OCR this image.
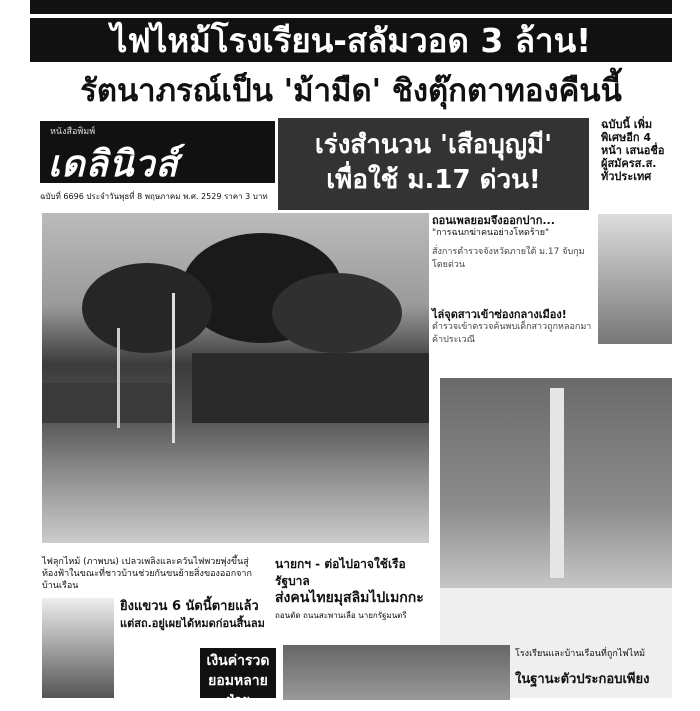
ไฟไหม้โรงเรียน-สลัมวอด 3 ล้าน!
รัตนาภรณ์เป็น 'ม้ามืด' ชิงตุ๊กตาทองคืนนี้
หนังสือพิมพ์
เดลินิวส์
ฉบับที่ 6696 ประจำวันพุธที่ 8 พฤษภาคม พ.ศ. 2529 ราคา 3 บาท
เร่งสำนวน 'เสือบุญมี'
เพื่อใช้ ม.17 ด่วน!
ฉบับนี้ เพิ่มพิเศษอีก 4 หน้า เสนอชื่อ ผู้สมัครส.ส. ทั่วประเทศ
ถอนเพลยอมจึงออกปาก...
"การฉนกฆ่าคนอย่างโหดร้าย"
สั่งการตำรวจจังหวัดภายใต้ ม.17 จับกุมโดยด่วน
ไล่จุดสาวเข้าซ่องกลางเมือง!
ตำรวจเข้าตรวจค้นพบเด็กสาวถูกหลอกมาค้าประเวณี
ไฟลุกไหม้ (ภาพบน) เปลวเพลิงและควันไฟพวยพุ่งขึ้นสู่ท้องฟ้าในขณะที่ชาวบ้านช่วยกันขนย้ายสิ่งของออกจากบ้านเรือน
นายกฯ - ต่อไปอาจใช้เรือรัฐบาล
ส่งคนไทยมุสลิมไปเมกกะ
ถอนตัด ถนนสะพานเลือ นายกรัฐมนตรี
ยิงแขวน 6 นัดนี้ตายแล้ว
แต่สถ.อยู่เผยได้หมดก่อนสิ้นลม
เงินค่ารวด ยอมหลายฝ่าย
โรงเรียนและบ้านเรือนที่ถูกไฟไหม้
ในฐานะตัวประกอบเพียง
